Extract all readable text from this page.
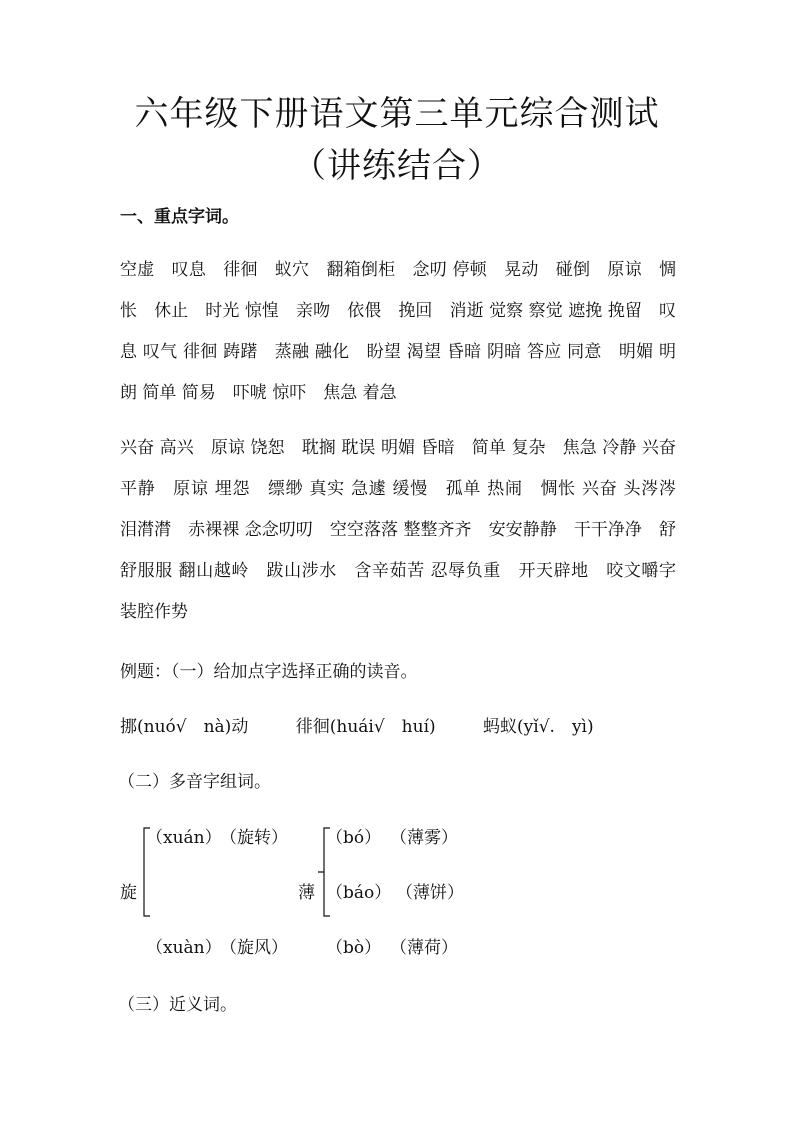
六年级下册语文第三单元综合测试（讲练结合）
一、重点字词。

空虚　叹息　徘徊　蚁穴　翻箱倒柜　念叨 停顿　晃动　碰倒　原谅　惆怅　休止　时光 惊惶　亲吻　依偎　挽回　消逝 觉察 察觉 遮挽 挽留　叹息 叹气 徘徊 踌躇　蒸融 融化　盼望 渴望 昏暗 阴暗 答应 同意　明媚 明朗 简单 简易　吓唬 惊吓　焦急 着急

兴奋 高兴　原谅 饶恕　耽搁 耽误 明媚 昏暗　简单 复杂　焦急 冷静 兴奋 平静　原谅 埋怨　缥缈 真实 急遽 缓慢　孤单 热闹　惆怅 兴奋 头涔涔　泪潸潸　赤裸裸 念念叨叨　空空落落 整整齐齐　安安静静　干干净净　舒舒服服 翻山越岭　跋山涉水　含辛茹苦 忍辱负重　开天辟地　咬文嚼字　装腔作势

例题：（一）给加点字选择正确的读音。

挪(nuó√　nà)动	徘徊(huái√　huí)	蚂蚁(yǐ√.　yì)

（二）多音字组词。

旋
（xuán）
（旋转）
（xuàn）
（旋风）
薄
（bó） （薄雾）
（báo） （薄饼）
（bò） （薄荷）

（三）近义词。
